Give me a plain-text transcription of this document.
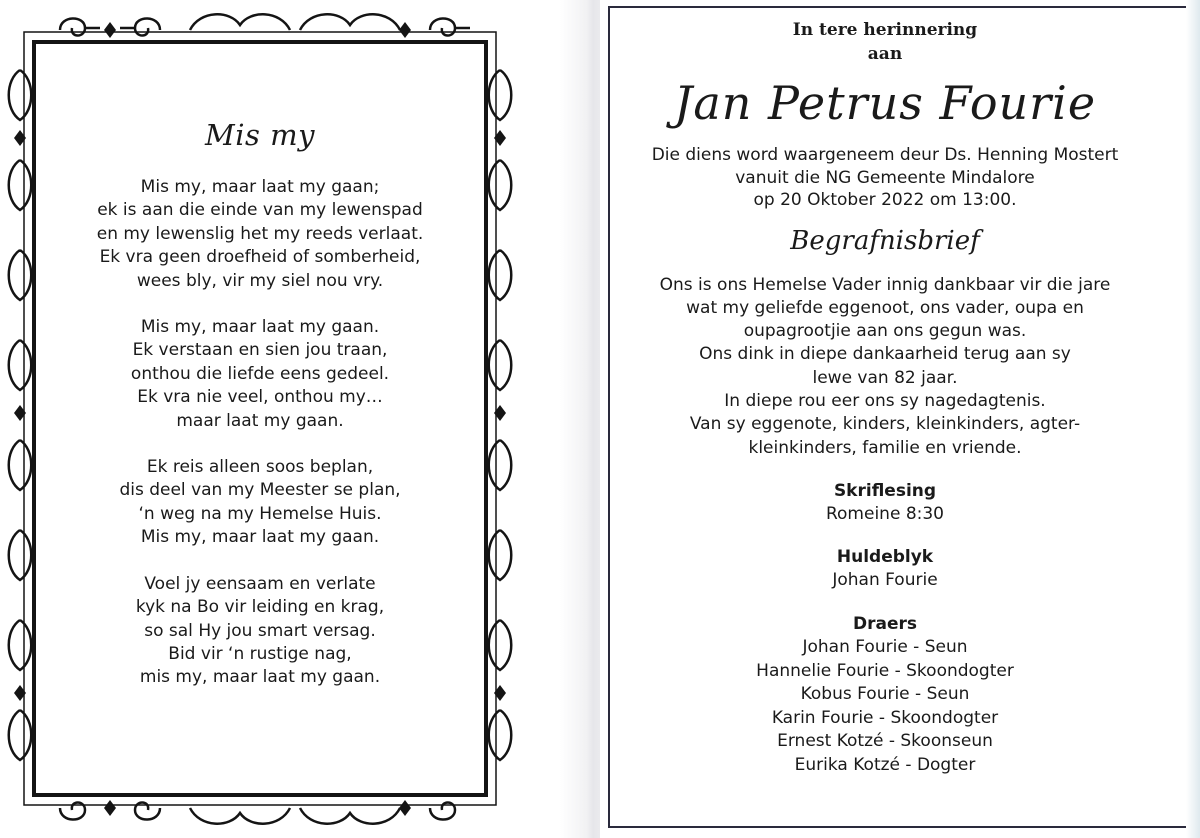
Mis my
Mis my, maar laat my gaan;
ek is aan die einde van my lewenspad
en my lewenslig het my reeds verlaat.
Ek vra geen droefheid of somberheid,
wees bly, vir my siel nou vry.
Mis my, maar laat my gaan.
Ek verstaan en sien jou traan,
onthou die liefde eens gedeel.
Ek vra nie veel, onthou my…
maar laat my gaan.
Ek reis alleen soos beplan,
dis deel van my Meester se plan,
‘n weg na my Hemelse Huis.
Mis my, maar laat my gaan.
Voel jy eensaam en verlate
kyk na Bo vir leiding en krag,
so sal Hy jou smart versag.
Bid vir ‘n rustige nag,
mis my, maar laat my gaan.
In tere herinnering
aan
Jan Petrus Fourie
Die diens word waargeneem deur Ds. Henning Mostert
vanuit die NG Gemeente Mindalore
op 20 Oktober 2022 om 13:00.
Begrafnisbrief
Ons is ons Hemelse Vader innig dankbaar vir die jare
wat my geliefde eggenoot, ons vader, oupa en
oupagrootjie aan ons gegun was.
Ons dink in diepe dankaarheid terug aan sy
lewe van 82 jaar.
In diepe rou eer ons sy nagedagtenis.
Van sy eggenote, kinders, kleinkinders, agter-
kleinkinders, familie en vriende.
Skriflesing
Romeine 8:30
Huldeblyk
Johan Fourie
Draers
Johan Fourie - Seun
Hannelie Fourie - Skoondogter
Kobus Fourie - Seun
Karin Fourie - Skoondogter
Ernest Kotzé - Skoonseun
Eurika Kotzé - Dogter
